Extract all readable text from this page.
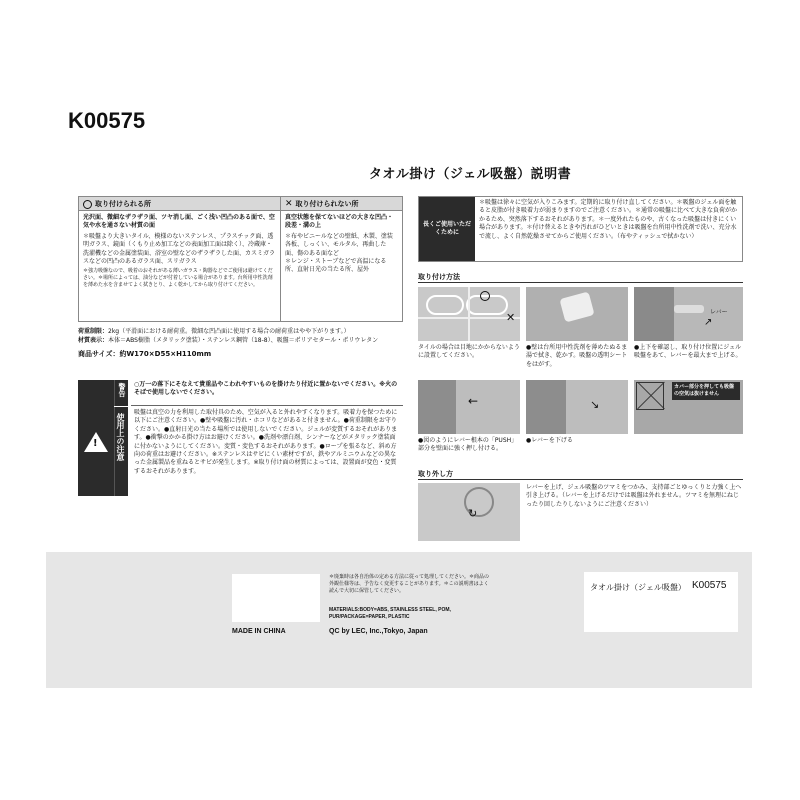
K00575
タオル掛け（ジェル吸盤）説明書
取り付けられる所
光沢面、微細なザラザラ面、ツヤ消し面、ごく浅い凹凸のある面で、空気や水を通さない材質の面
＊吸盤より大きいタイル、模様のないステンレス、プラスチック面、透明ガラス、鏡面（くもり止め加工などの表面加工面は除く）、冷蔵庫・洗濯機などの金属塗装面、浴室の壁などのザラザラした面、カスミガラスなどの凹凸のあるガラス面、スリガラス
＊強力吸盤なので、吸着のおそれがある薄いガラス・陶器などでご使用は避けてください。＊場所によっては、油分などが付着している場合があります。台所用中性洗剤を薄めた水を含ませてよく拭きとり、よく乾かしてから取り付けてください。
✕ 取り付けられない所
真空状態を保てないほどの大きな凹凸・段差・溝の上
＊布やビニールなどの壁紙、木製、塗装各板、しっくい、モルタル、再曲した面、傷のある面など
＊レンジ・ストーブなどで高温になる所、直射日光の当たる所、屋外
荷重制限：2kg（平滑面における耐荷重。微細な凹凸面に使用する場合の耐荷重はやや下がります。）
材質表示：本体＝ABS樹脂（メタリック塗装）・ステンレス鋼管（18-8）、吸盤＝ポリアセタール・ポリウレタン
商品サイズ：約W170×D55×H110mm
!
警告	○万一の落下にそなえて貴重品やこわれやすいものを掛けたり付近に置かないでください。※火のそばで使用しないでください。
使用上の注意
吸盤は真空の力を利用した取付具のため、空気が入ると外れやすくなります。吸着力を保つために以下にご注意ください。●壁や吸盤に汚れ・ホコリなどがあると付きません。●荷重制限をお守りください。●直射日光の当たる場所では使用しないでください。ジェルが変質するおそれがあります。●衝撃のかかる掛け方はお避けください。●洗剤や漂白剤、シンナーなどがメタリック塗装面に付かないようにしてください。変質・変色するおそれがあります。●ロープを張るなど、斜め方向の荷重はお避けください。※ステンレスはサビにくい素材ですが、鉄やアルミニウムなどの異なった金属製品を重ねるとサビが発生します。※取り付け面の材質によっては、設置面が変色・変質するおそれがあります。
長くご使用いただくために
＊吸盤は徐々に空気が入りこみます。定期的に取り付け直してください。＊吸盤のジェル面を触ると皮脂が付き吸着力が弱まりますのでご注意ください。＊通常の吸盤に比べて大きな負荷がかかるため、突然落下するおそれがあります。＊一度外れたものや、古くなった吸盤は付きにくい場合があります。＊付け替えるときや汚れがひどいときは吸盤を台所用中性洗剤で洗い、充分水で流し、よく自然乾燥させてからご使用ください。（布やティッシュで拭かない）
取り付け方法
✕	レバー
↗
タイルの場合は目地にかからないように設置してください。
●壁は台所用中性洗剤を薄めたぬるま湯で拭き、乾かす。吸盤の透明シートをはがす。
●上下を確認し、取り付け位置にジェル吸盤をあて、レバーを最大まで上げる。
←	↘
カバー部分を押しても吸盤の空気は抜けません
●図のようにレバー根本の「PUSH」部分を壁面に強く押し付ける。
●レバーを下げる
取り外し方
↻
レバーを上げ、ジェル吸盤のツマミをつかみ、支持部ごとゆっくりと力強く上へ引き上げる。（レバーを上げるだけでは吸盤は外れません。ツマミを無理にねじったり回したりしないようにご注意ください）
＊廃棄時は各自治体の定める方法に従って処理してください。＊商品の外観仕様等は、予告なく変更することがあります。＊この説明書はよく読んで大切に保管してください。
MATERIALS:BODY=ABS, STAINLESS STEEL, POM, PUR/PACKAGE=PAPER, PLASTIC
MADE IN CHINA	QC by LEC, Inc.,Tokyo, Japan
タオル掛け（ジェル吸盤） K00575
